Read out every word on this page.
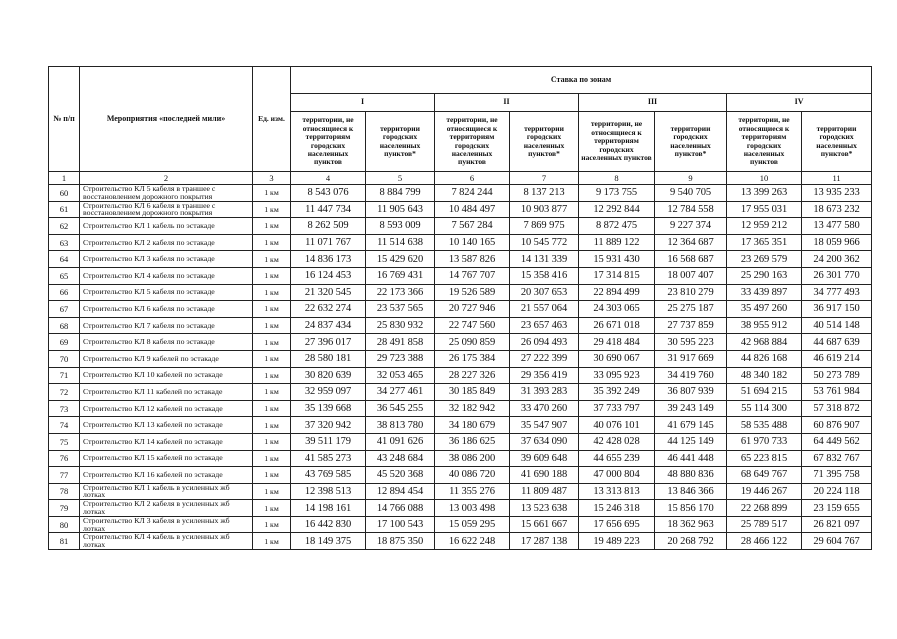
№ п/п	Мероприятия «последней мили»	Ед. изм.	Ставка по зонам							
			I		II		III		IV	
			территории, не относящиеся к территориям городских населенных пунктов	территории городских населенных пунктов*	территории, не относящиеся к территориям городских населенных пунктов	территории городских населенных пунктов*	территории, не относящиеся к территориям городских населенных пунктов	территории городских населенных пунктов*	территории, не относящиеся к территориям городских населенных пунктов	территории городских населенных пунктов*
1	2	3	4	5	6	7	8	9	10	11
60	Строительство КЛ 5 кабеля в траншее с восстановлением дорожного покрытия	1 км	8 543 076	8 884 799	7 824 244	8 137 213	9 173 755	9 540 705	13 399 263	13 935 233
61	Строительство КЛ 6 кабеля в траншее с восстановлением дорожного покрытия	1 км	11 447 734	11 905 643	10 484 497	10 903 877	12 292 844	12 784 558	17 955 031	18 673 232
62	Строительство КЛ 1 кабель по эстакаде	1 км	8 262 509	8 593 009	7 567 284	7 869 975	8 872 475	9 227 374	12 959 212	13 477 580
63	Строительство КЛ 2 кабеля по эстакаде	1 км	11 071 767	11 514 638	10 140 165	10 545 772	11 889 122	12 364 687	17 365 351	18 059 966
64	Строительство КЛ 3 кабеля по эстакаде	1 км	14 836 173	15 429 620	13 587 826	14 131 339	15 931 430	16 568 687	23 269 579	24 200 362
65	Строительство КЛ 4 кабеля по эстакаде	1 км	16 124 453	16 769 431	14 767 707	15 358 416	17 314 815	18 007 407	25 290 163	26 301 770
66	Строительство КЛ 5 кабеля по эстакаде	1 км	21 320 545	22 173 366	19 526 589	20 307 653	22 894 499	23 810 279	33 439 897	34 777 493
67	Строительство КЛ 6 кабеля по эстакаде	1 км	22 632 274	23 537 565	20 727 946	21 557 064	24 303 065	25 275 187	35 497 260	36 917 150
68	Строительство КЛ 7 кабеля по эстакаде	1 км	24 837 434	25 830 932	22 747 560	23 657 463	26 671 018	27 737 859	38 955 912	40 514 148
69	Строительство КЛ 8 кабеля по эстакаде	1 км	27 396 017	28 491 858	25 090 859	26 094 493	29 418 484	30 595 223	42 968 884	44 687 639
70	Строительство КЛ 9 кабелей по эстакаде	1 км	28 580 181	29 723 388	26 175 384	27 222 399	30 690 067	31 917 669	44 826 168	46 619 214
71	Строительство КЛ 10 кабелей по эстакаде	1 км	30 820 639	32 053 465	28 227 326	29 356 419	33 095 923	34 419 760	48 340 182	50 273 789
72	Строительство КЛ 11 кабелей по эстакаде	1 км	32 959 097	34 277 461	30 185 849	31 393 283	35 392 249	36 807 939	51 694 215	53 761 984
73	Строительство КЛ 12 кабелей по эстакаде	1 км	35 139 668	36 545 255	32 182 942	33 470 260	37 733 797	39 243 149	55 114 300	57 318 872
74	Строительство КЛ 13 кабелей по эстакаде	1 км	37 320 942	38 813 780	34 180 679	35 547 907	40 076 101	41 679 145	58 535 488	60 876 907
75	Строительство КЛ 14 кабелей по эстакаде	1 км	39 511 179	41 091 626	36 186 625	37 634 090	42 428 028	44 125 149	61 970 733	64 449 562
76	Строительство КЛ 15 кабелей по эстакаде	1 км	41 585 273	43 248 684	38 086 200	39 609 648	44 655 239	46 441 448	65 223 815	67 832 767
77	Строительство КЛ 16 кабелей по эстакаде	1 км	43 769 585	45 520 368	40 086 720	41 690 188	47 000 804	48 880 836	68 649 767	71 395 758
78	Строительство КЛ 1 кабель в усиленных жб лотках	1 км	12 398 513	12 894 454	11 355 276	11 809 487	13 313 813	13 846 366	19 446 267	20 224 118
79	Строительство КЛ 2 кабеля в усиленных жб лотках	1 км	14 198 161	14 766 088	13 003 498	13 523 638	15 246 318	15 856 170	22 268 899	23 159 655
80	Строительство КЛ 3 кабеля в усиленных жб лотках	1 км	16 442 830	17 100 543	15 059 295	15 661 667	17 656 695	18 362 963	25 789 517	26 821 097
81	Строительство КЛ 4 кабель в усиленных жб лотках	1 км	18 149 375	18 875 350	16 622 248	17 287 138	19 489 223	20 268 792	28 466 122	29 604 767
